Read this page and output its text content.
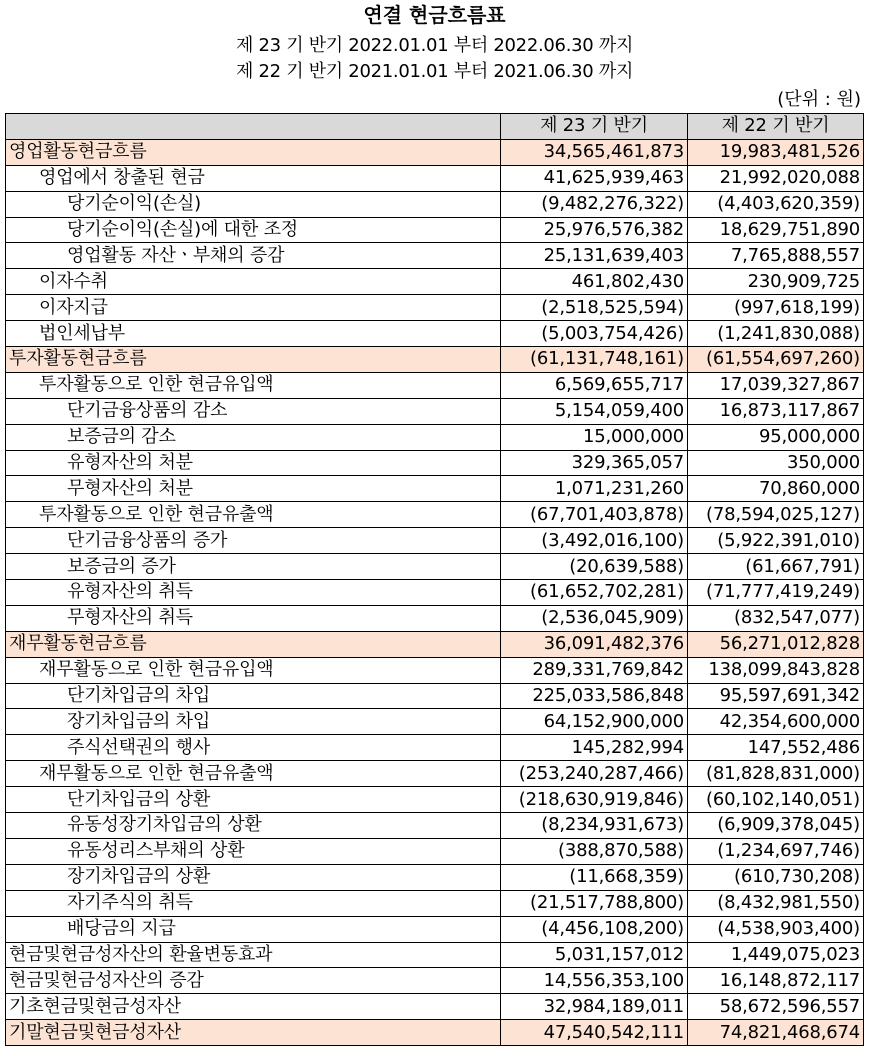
연결 현금흐름표
제 23 기 반기 2022.01.01 부터 2022.06.30 까지
제 22 기 반기 2021.01.01 부터 2021.06.30 까지
(단위 : 원)
	제 23 기 반기	제 22 기 반기
영업활동현금흐름	34,565,461,873	19,983,481,526
영업에서 창출된 현금	41,625,939,463	21,992,020,088
당기순이익(손실)	(9,482,276,322)	(4,403,620,359)
당기순이익(손실)에 대한 조정	25,976,576,382	18,629,751,890
영업활동 자산ㆍ부채의 증감	25,131,639,403	7,765,888,557
이자수취	461,802,430	230,909,725
이자지급	(2,518,525,594)	(997,618,199)
법인세납부	(5,003,754,426)	(1,241,830,088)
투자활동현금흐름	(61,131,748,161)	(61,554,697,260)
투자활동으로 인한 현금유입액	6,569,655,717	17,039,327,867
단기금융상품의 감소	5,154,059,400	16,873,117,867
보증금의 감소	15,000,000	95,000,000
유형자산의 처분	329,365,057	350,000
무형자산의 처분	1,071,231,260	70,860,000
투자활동으로 인한 현금유출액	(67,701,403,878)	(78,594,025,127)
단기금융상품의 증가	(3,492,016,100)	(5,922,391,010)
보증금의 증가	(20,639,588)	(61,667,791)
유형자산의 취득	(61,652,702,281)	(71,777,419,249)
무형자산의 취득	(2,536,045,909)	(832,547,077)
재무활동현금흐름	36,091,482,376	56,271,012,828
재무활동으로 인한 현금유입액	289,331,769,842	138,099,843,828
단기차입금의 차입	225,033,586,848	95,597,691,342
장기차입금의 차입	64,152,900,000	42,354,600,000
주식선택권의 행사	145,282,994	147,552,486
재무활동으로 인한 현금유출액	(253,240,287,466)	(81,828,831,000)
단기차입금의 상환	(218,630,919,846)	(60,102,140,051)
유동성장기차입금의 상환	(8,234,931,673)	(6,909,378,045)
유동성리스부채의 상환	(388,870,588)	(1,234,697,746)
장기차입금의 상환	(11,668,359)	(610,730,208)
자기주식의 취득	(21,517,788,800)	(8,432,981,550)
배당금의 지급	(4,456,108,200)	(4,538,903,400)
현금및현금성자산의 환율변동효과	5,031,157,012	1,449,075,023
현금및현금성자산의 증감	14,556,353,100	16,148,872,117
기초현금및현금성자산	32,984,189,011	58,672,596,557
기말현금및현금성자산	47,540,542,111	74,821,468,674
